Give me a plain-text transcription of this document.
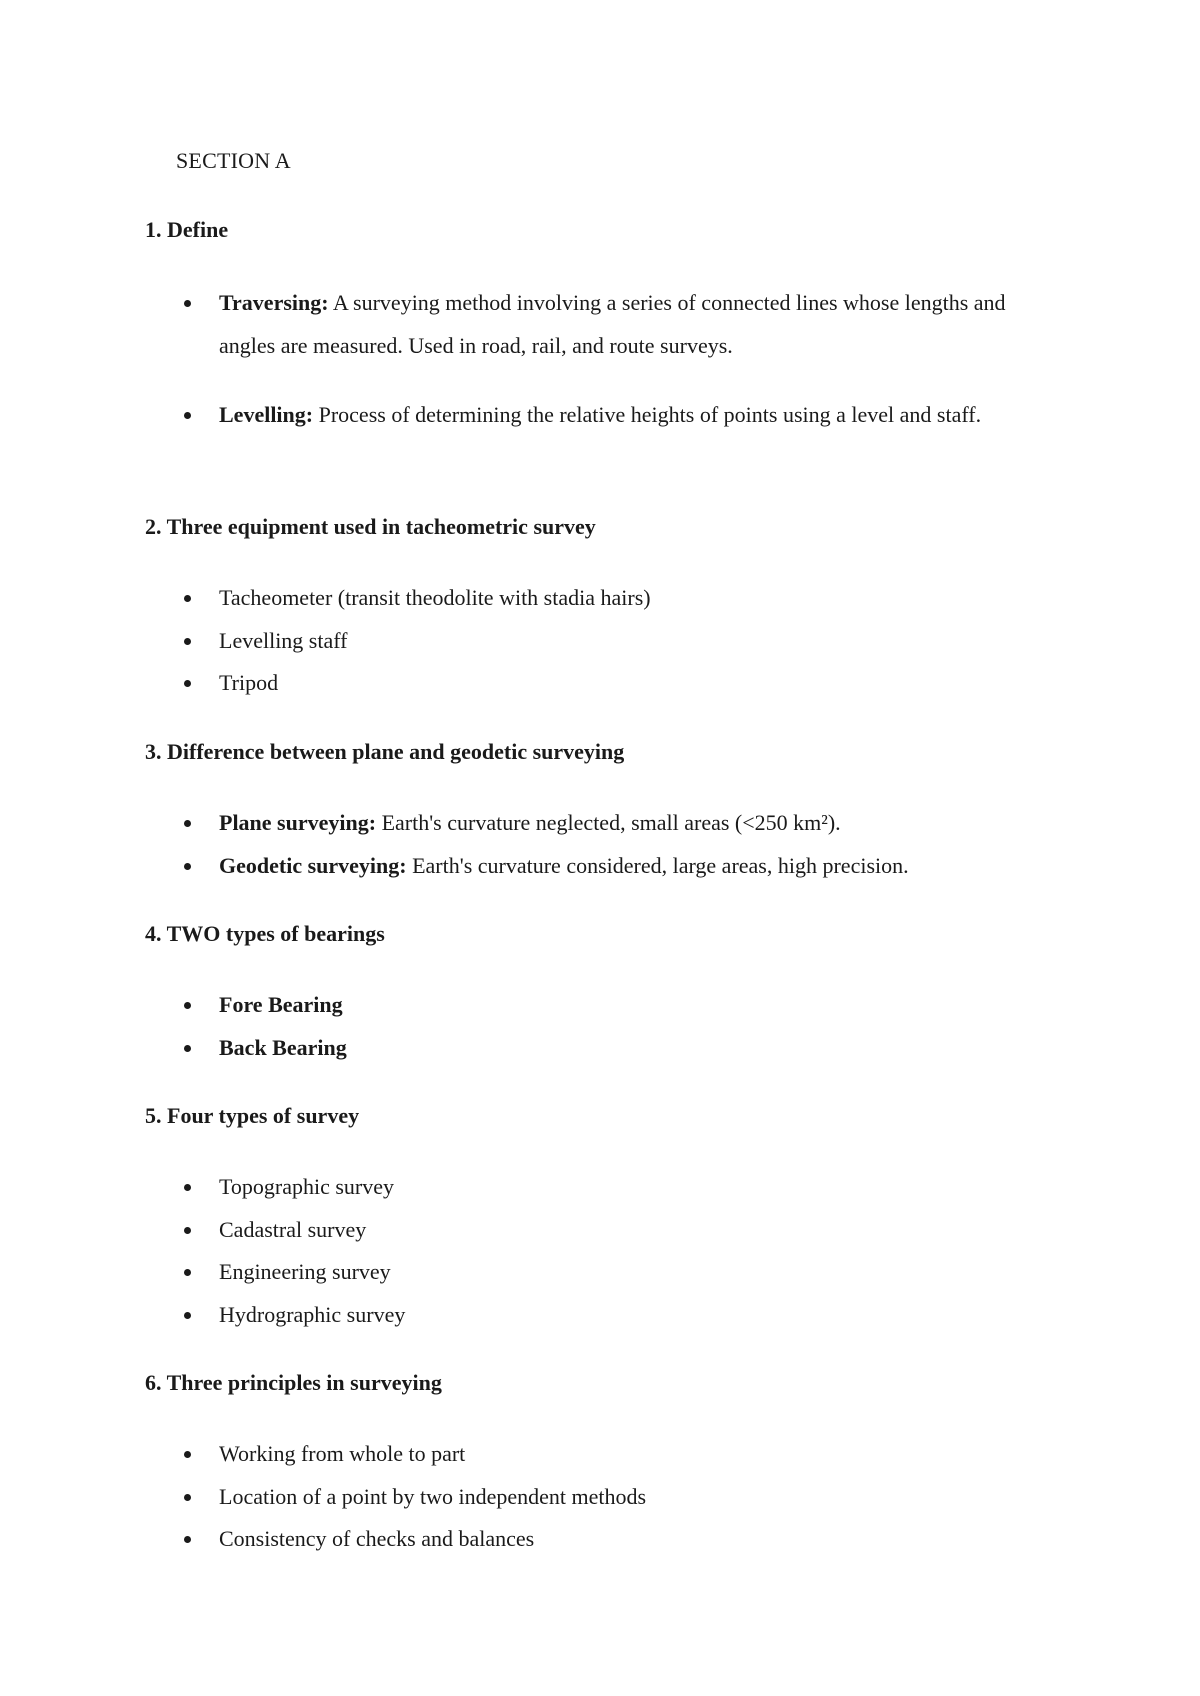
SECTION A
1. Define
Traversing: A surveying method involving a series of connected lines whose lengths and angles are measured. Used in road, rail, and route surveys.
Levelling: Process of determining the relative heights of points using a level and staff.
2. Three equipment used in tacheometric survey
Tacheometer (transit theodolite with stadia hairs)
Levelling staff
Tripod
3. Difference between plane and geodetic surveying
Plane surveying: Earth's curvature neglected, small areas (<250 km²).
Geodetic surveying: Earth's curvature considered, large areas, high precision.
4. TWO types of bearings
Fore Bearing
Back Bearing
5. Four types of survey
Topographic survey
Cadastral survey
Engineering survey
Hydrographic survey
6. Three principles in surveying
Working from whole to part
Location of a point by two independent methods
Consistency of checks and balances
